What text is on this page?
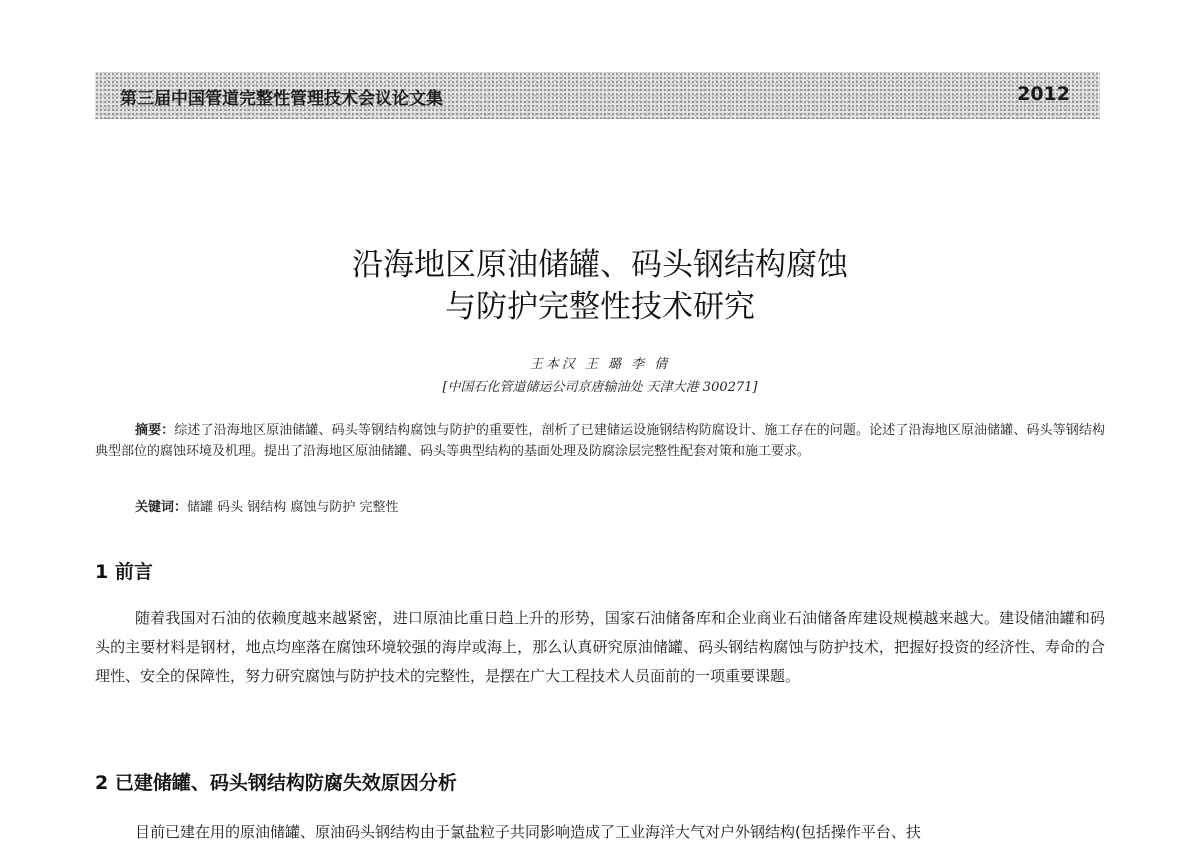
第三届中国管道完整性管理技术会议论文集	2012
沿海地区原油储罐、码头钢结构腐蚀
与防护完整性技术研究
王本汉 王 璐 李 倩
[中国石化管道储运公司京唐输油处 天津大港 300271]

摘要：综述了沿海地区原油储罐、码头等钢结构腐蚀与防护的重要性，剖析了已建储运设施钢结构防腐设计、施工存在的问题。论述了沿海地区原油储罐、码头等钢结构典型部位的腐蚀环境及机理。提出了沿海地区原油储罐、码头等典型结构的基面处理及防腐涂层完整性配套对策和施工要求。

关键词：储罐 码头 钢结构 腐蚀与防护 完整性

1 前言

随着我国对石油的依赖度越来越紧密，进口原油比重日趋上升的形势，国家石油储备库和企业商业石油储备库建设规模越来越大。建设储油罐和码头的主要材料是钢材，地点均座落在腐蚀环境较强的海岸或海上，那么认真研究原油储罐、码头钢结构腐蚀与防护技术，把握好投资的经济性、寿命的合理性、安全的保障性，努力研究腐蚀与防护技术的完整性，是摆在广大工程技术人员面前的一项重要课题。

2 已建储罐、码头钢结构防腐失效原因分析

目前已建在用的原油储罐、原油码头钢结构由于氯盐粒子共同影响造成了工业海洋大气对户外钢结构(包括操作平台、扶
